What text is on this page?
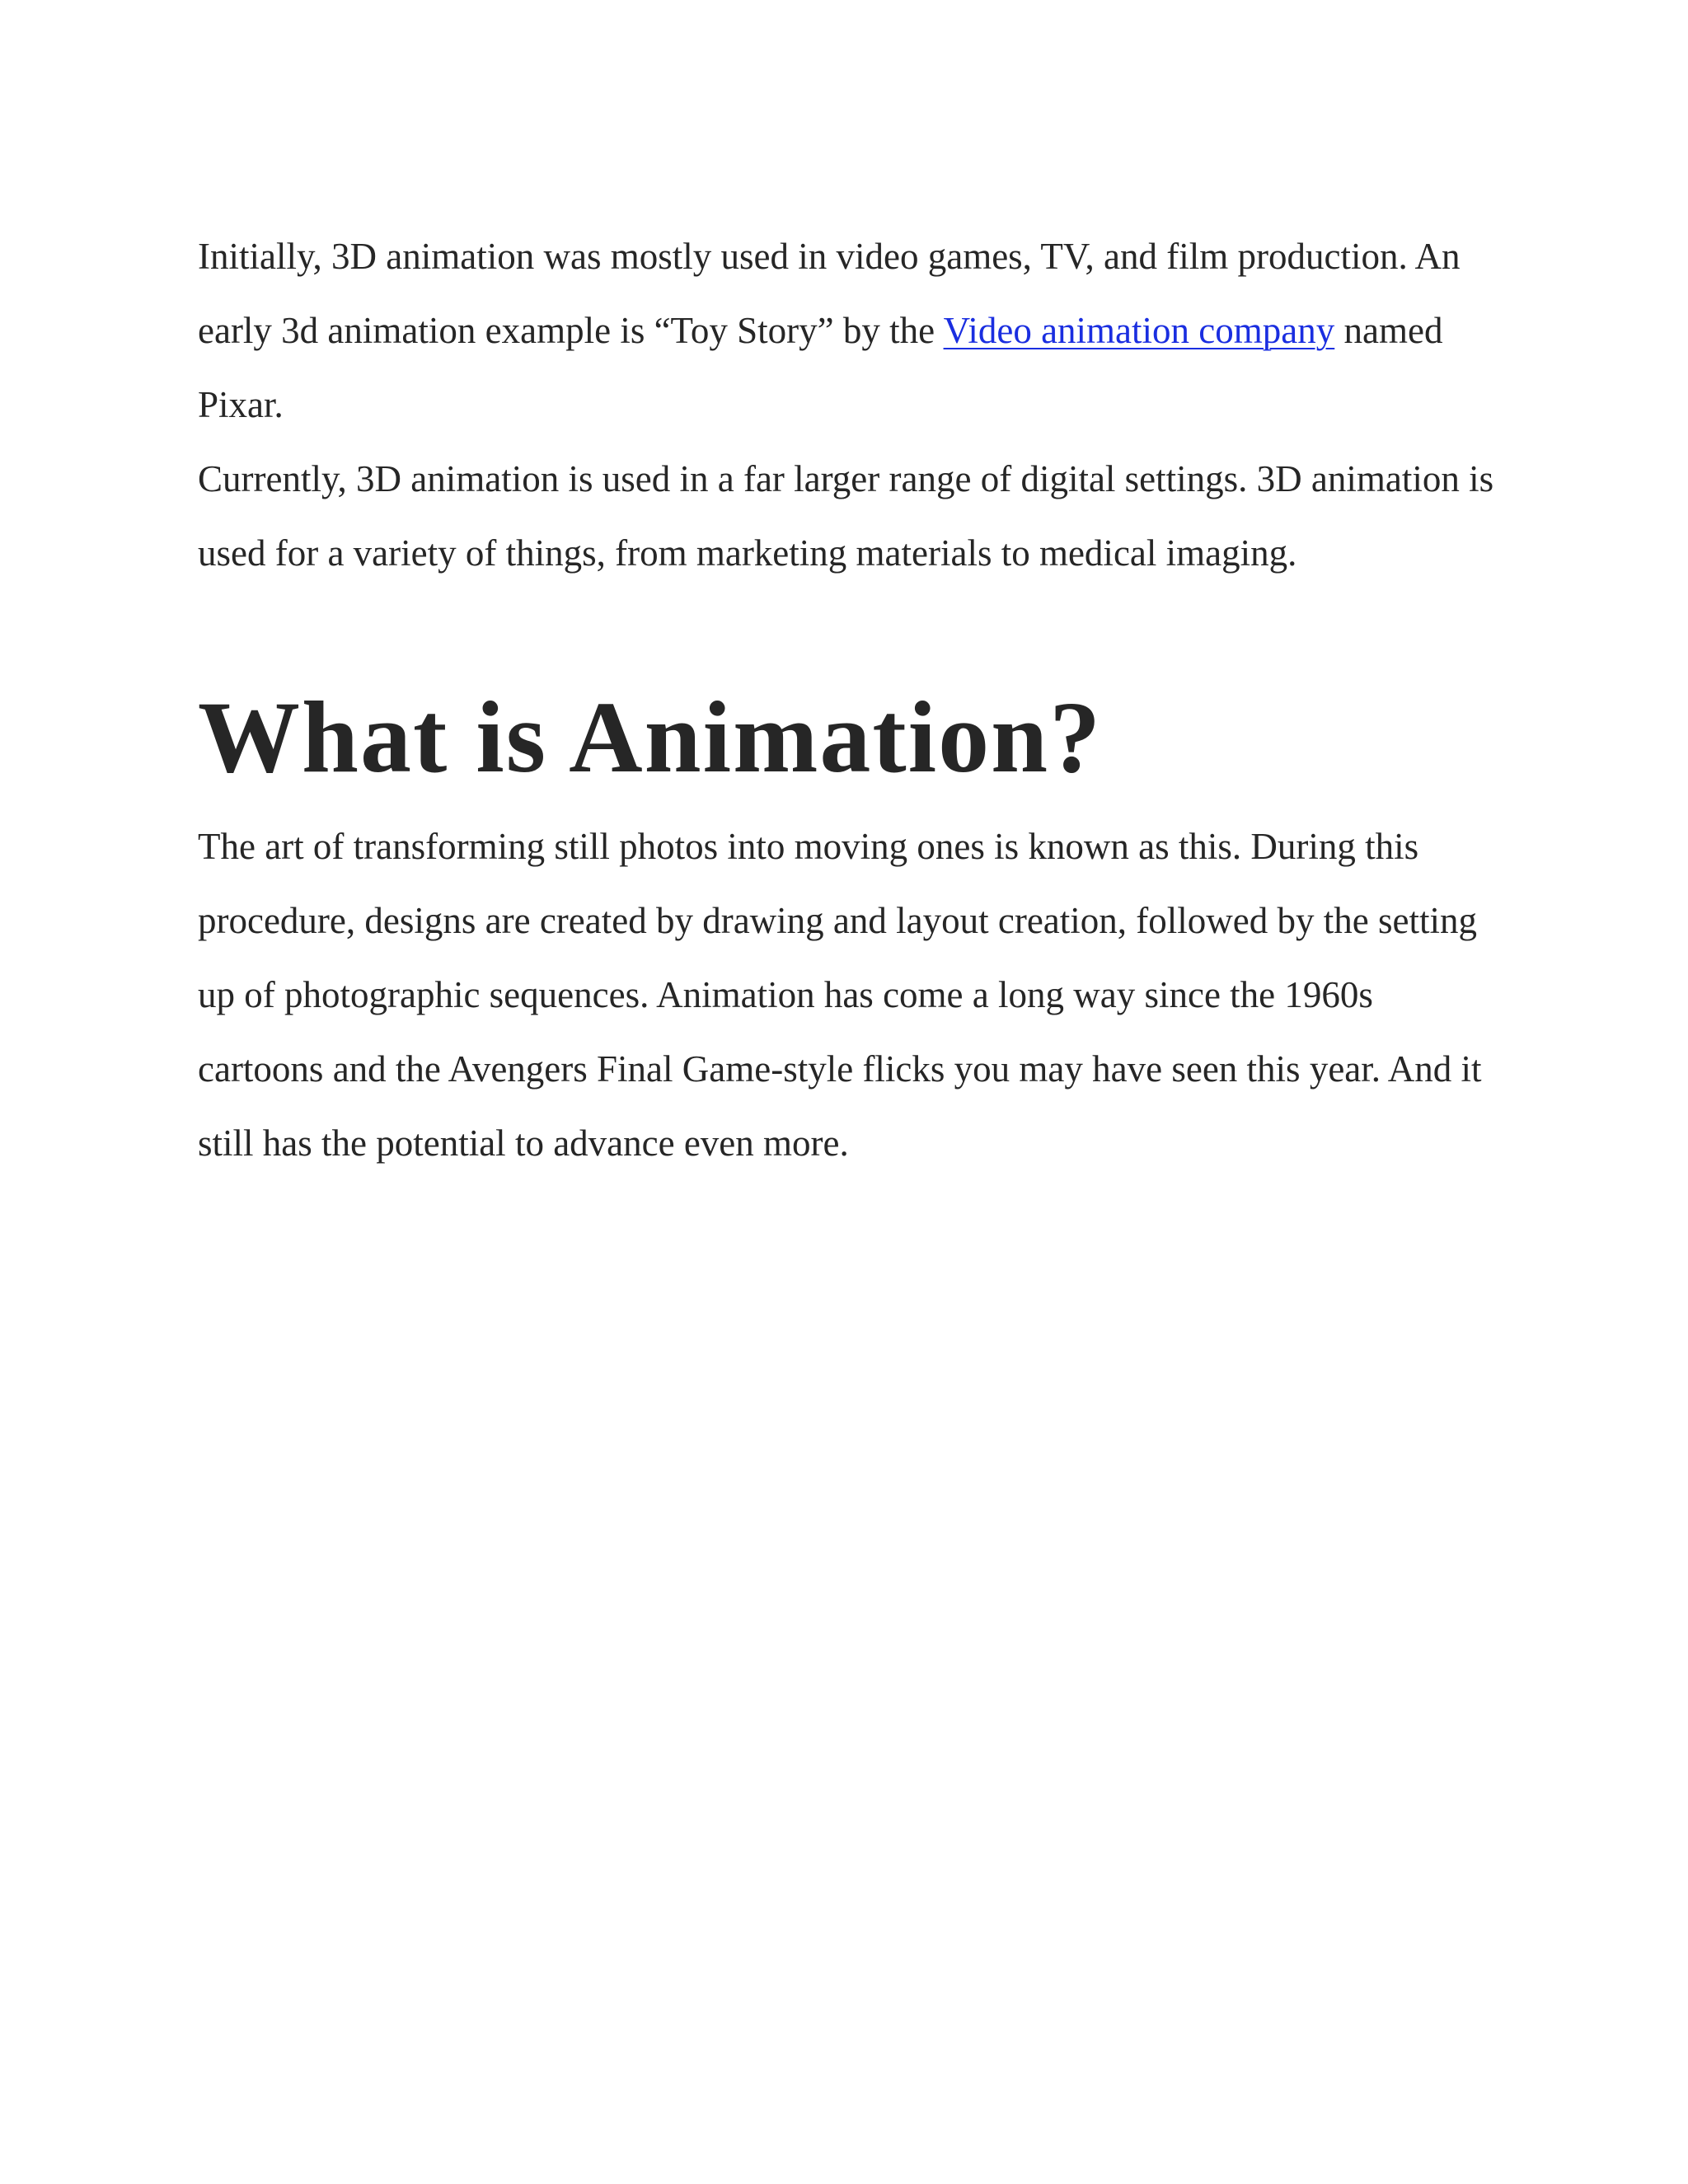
Initially, 3D animation was mostly used in video games, TV, and film production. An early 3d animation example is “Toy Story” by the Video animation company named Pixar.

Currently, 3D animation is used in a far larger range of digital settings. 3D animation is used for a variety of things, from marketing materials to medical imaging.

What is Animation?

The art of transforming still photos into moving ones is known as this. During this procedure, designs are created by drawing and layout creation, followed by the setting up of photographic sequences. Animation has come a long way since the 1960s cartoons and the Avengers Final Game-style flicks you may have seen this year. And it still has the potential to advance even more.
